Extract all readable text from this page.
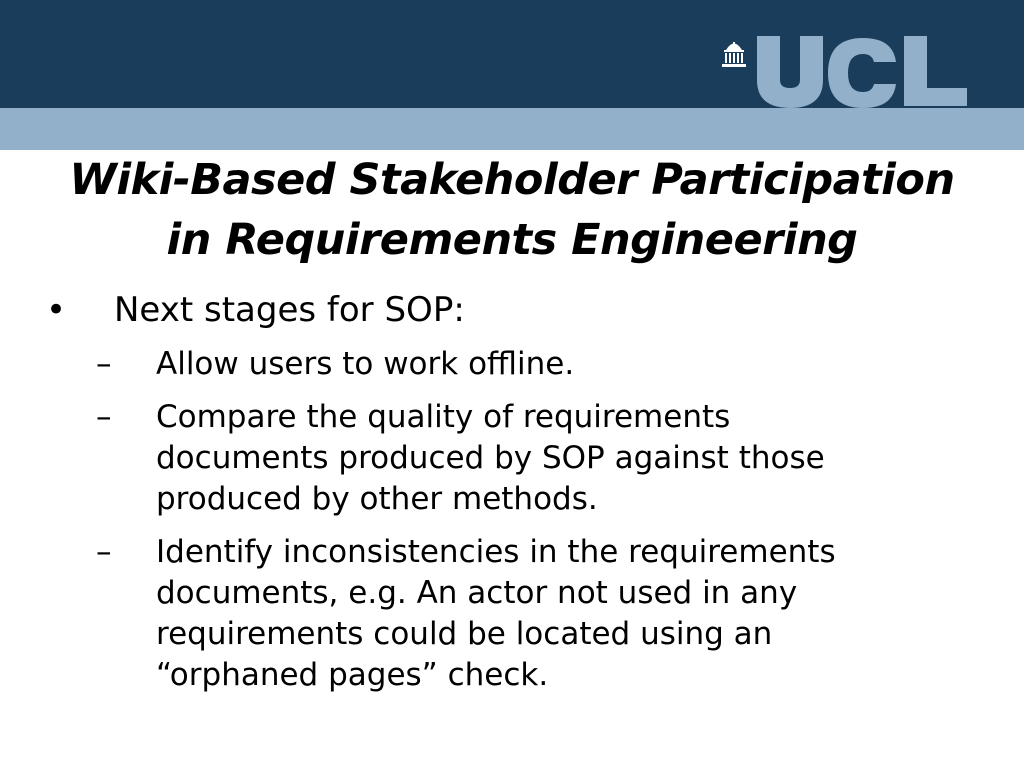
Wiki-Based Stakeholder Participation
in Requirements Engineering
• Next stages for SOP:
– Allow users to work offline.
– Compare the quality of requirements
documents produced by SOP against those
produced by other methods.
– Identify inconsistencies in the requirements
documents, e.g. An actor not used in any
requirements could be located using an
“orphaned pages” check.
